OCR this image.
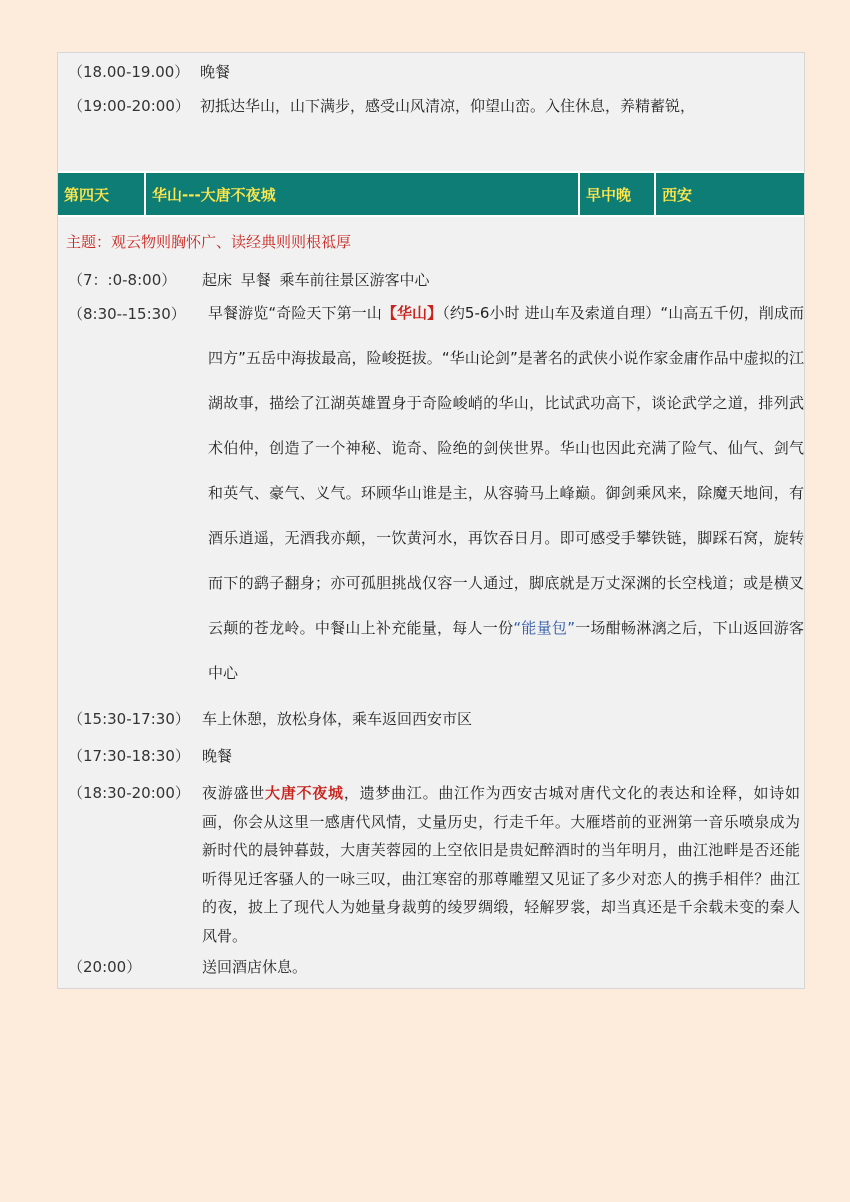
（18.00-19.00） 晚餐
（19:00-20:00） 初抵达华山，山下满步，感受山风清凉，仰望山峦。入住休息，养精蓄锐，
第四天	华山---大唐不夜城	早中晚	西安
主题：观云物则胸怀广、读经典则则根祗厚
（7：:0-8:00）	起床 早餐 乘车前往景区游客中心
（8:30--15:30）	早餐游览“奇险天下第一山【华山】（约5-6小时 进山车及索道自理）“山高五千仞，削成而四方”五岳中海拔最高，险峻挺拔。“华山论剑”是著名的武侠小说作家金庸作品中虚拟的江湖故事，描绘了江湖英雄置身于奇险峻峭的华山，比试武功高下，谈论武学之道，排列武术伯仲，创造了一个神秘、诡奇、险绝的剑侠世界。华山也因此充满了险气、仙气、剑气和英气、豪气、义气。环顾华山谁是主，从容骑马上峰巅。御剑乘风来，除魔天地间，有酒乐逍遥，无酒我亦颠，一饮黄河水，再饮吞日月。即可感受手攀铁链，脚踩石窝，旋转而下的鹞子翻身；亦可孤胆挑战仅容一人通过，脚底就是万丈深渊的长空栈道；或是横叉云颠的苍龙岭。中餐山上补充能量，每人一份“能量包”一场酣畅淋漓之后，下山返回游客中心
（15:30-17:30） 车上休憩，放松身体，乘车返回西安市区
（17:30-18:30） 晚餐
（18:30-20:00） 夜游盛世大唐不夜城，遗梦曲江。曲江作为西安古城对唐代文化的表达和诠释，如诗如画，你会从这里一感唐代风情，丈量历史，行走千年。大雁塔前的亚洲第一音乐喷泉成为新时代的晨钟暮鼓，大唐芙蓉园的上空依旧是贵妃醉酒时的当年明月，曲江池畔是否还能听得见迁客骚人的一咏三叹，曲江寒窑的那尊雕塑又见证了多少对恋人的携手相伴？曲江的夜，披上了现代人为她量身裁剪的绫罗绸缎，轻解罗裳，却当真还是千余载未变的秦人风骨。
（20:00）	送回酒店休息。
